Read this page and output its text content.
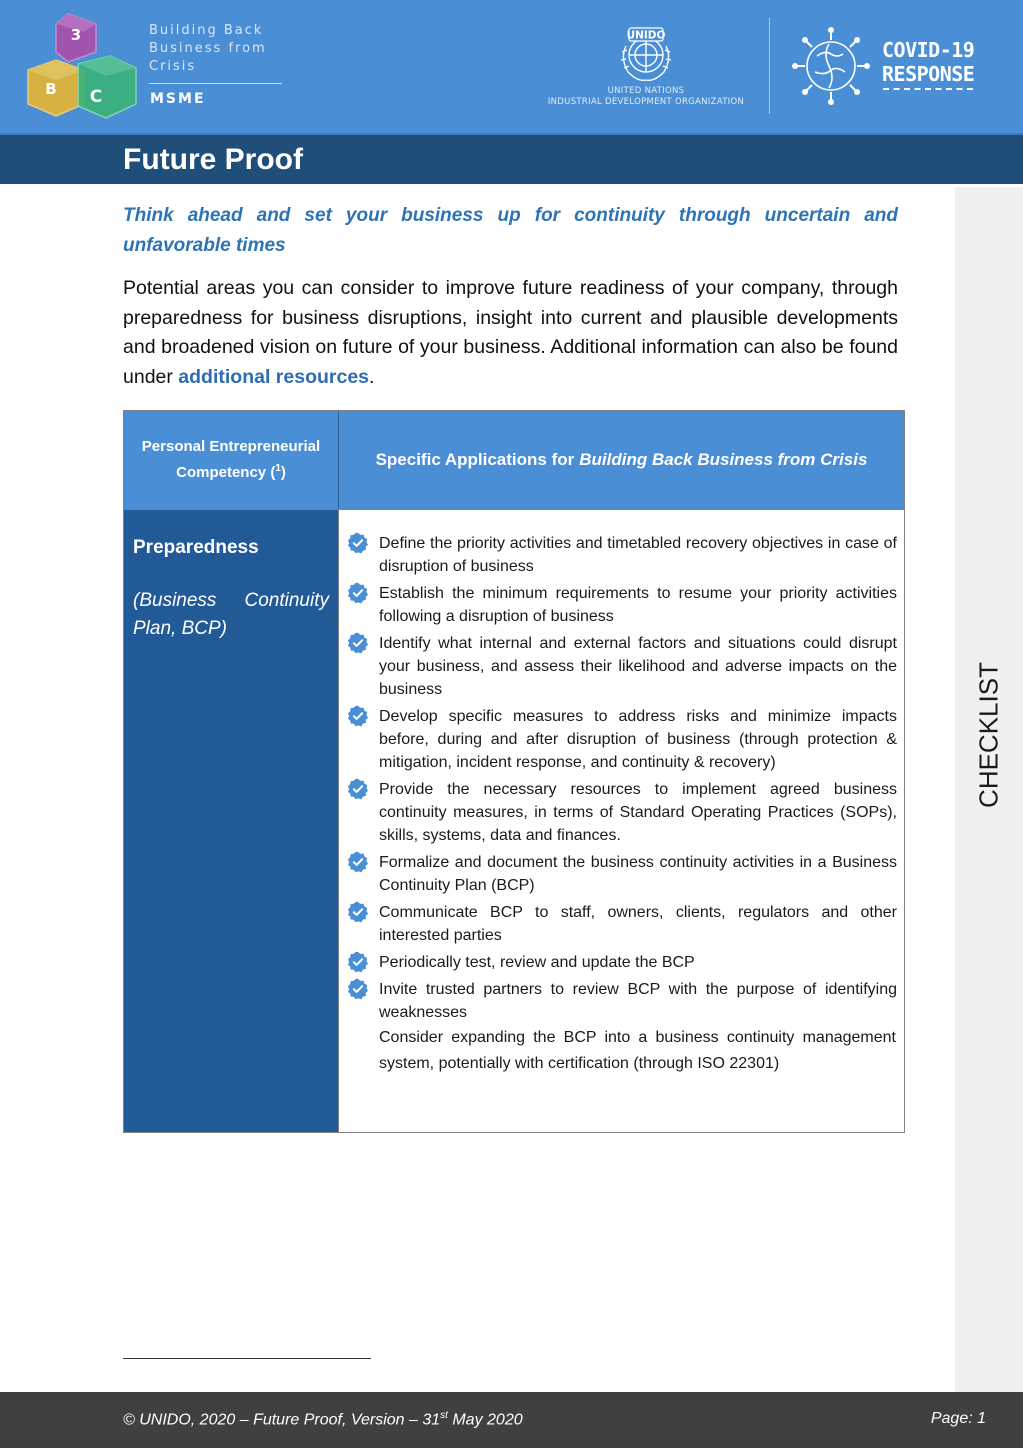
3
B C
Building Back
Business from
Crisis
MSME
UNIDO
UNITED NATIONS
INDUSTRIAL DEVELOPMENT ORGANIZATION
COVID-19
RESPONSE
Future Proof
CHECKLIST
Think ahead and set your business up for continuity through uncertain and unfavorable times
Potential areas you can consider to improve future readiness of your company, through preparedness for business disruptions, insight into current and plausible developments and broadened vision on future of your business. Additional information can also be found under additional resources.
Personal Entrepreneurial Competency ($^1$)
Specific Applications for Building Back Business from Crisis
Preparedness
(Business Continuity
Plan, BCP)
Define the priority activities and timetabled recovery objectives in case of disruption of business
Establish the minimum requirements to resume your priority activities following a disruption of business
Identify what internal and external factors and situations could disrupt your business, and assess their likelihood and adverse impacts on the business
Develop specific measures to address risks and minimize impacts before, during and after disruption of business (through protection & mitigation, incident response, and continuity & recovery)
Provide the necessary resources to implement agreed business continuity measures, in terms of Standard Operating Practices (SOPs), skills, systems, data and finances.
Formalize and document the business continuity activities in a Business Continuity Plan (BCP)
Communicate BCP to staff, owners, clients, regulators and other interested parties
Periodically test, review and update the BCP
Invite trusted partners to review BCP with the purpose of identifying weaknesses
Consider expanding the BCP into a business continuity management system, potentially with certification (through ISO 22301)
© UNIDO, 2020 – Future Proof, Version – 31st May 2020	Page: 1
